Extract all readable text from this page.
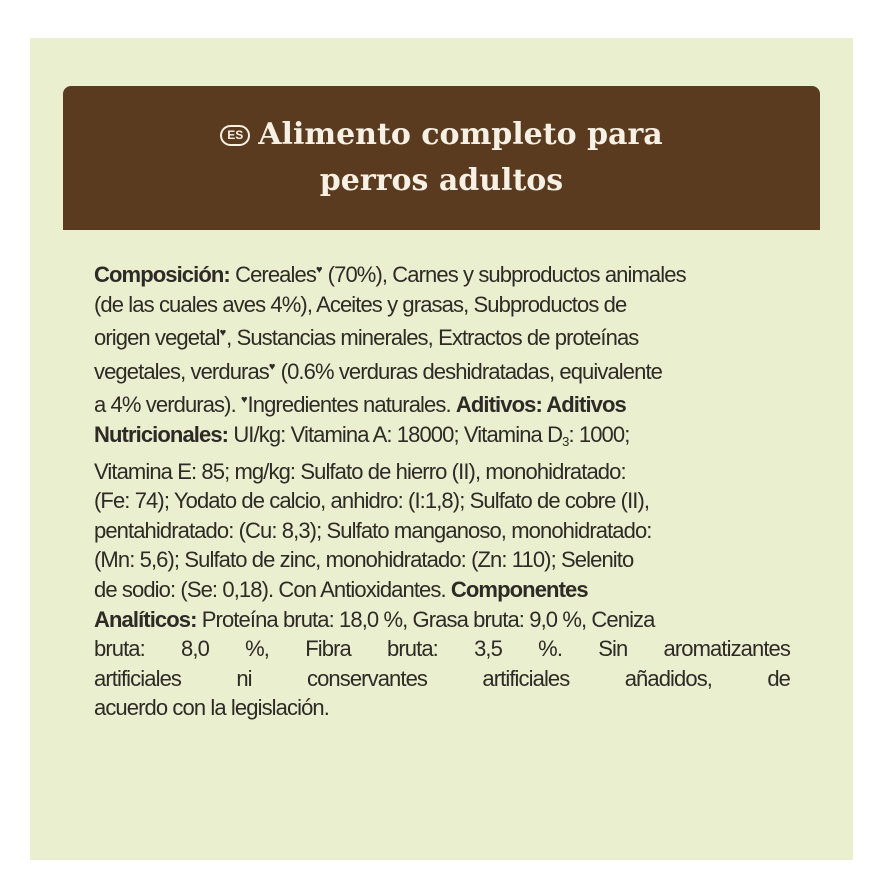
ES Alimento completo para
perros adultos
Composición: Cereales♥ (70%), Carnes y subproductos animales
(de las cuales aves 4%), Aceites y grasas, Subproductos de
origen vegetal♥, Sustancias minerales, Extractos de proteínas
vegetales, verduras♥ (0.6% verduras deshidratadas, equivalente
a 4% verduras). ♥Ingredientes naturales. Aditivos: Aditivos
Nutricionales: UI/kg: Vitamina A: 18000; Vitamina $D_3$: 1000;
Vitamina E: 85; mg/kg: Sulfato de hierro (II), monohidratado:
(Fe: 74); Yodato de calcio, anhidro: (I:1,8); Sulfato de cobre (II),
pentahidratado: (Cu: 8,3); Sulfato manganoso, monohidratado:
(Mn: 5,6); Sulfato de zinc, monohidratado: (Zn: 110); Selenito
de sodio: (Se: 0,18). Con Antioxidantes. Componentes
Analíticos: Proteína bruta: 18,0 %, Grasa bruta: 9,0 %, Ceniza
bruta: 8,0 %, Fibra bruta: 3,5 %. Sin aromatizantes
artificiales ni conservantes artificiales añadidos, de
acuerdo con la legislación.
